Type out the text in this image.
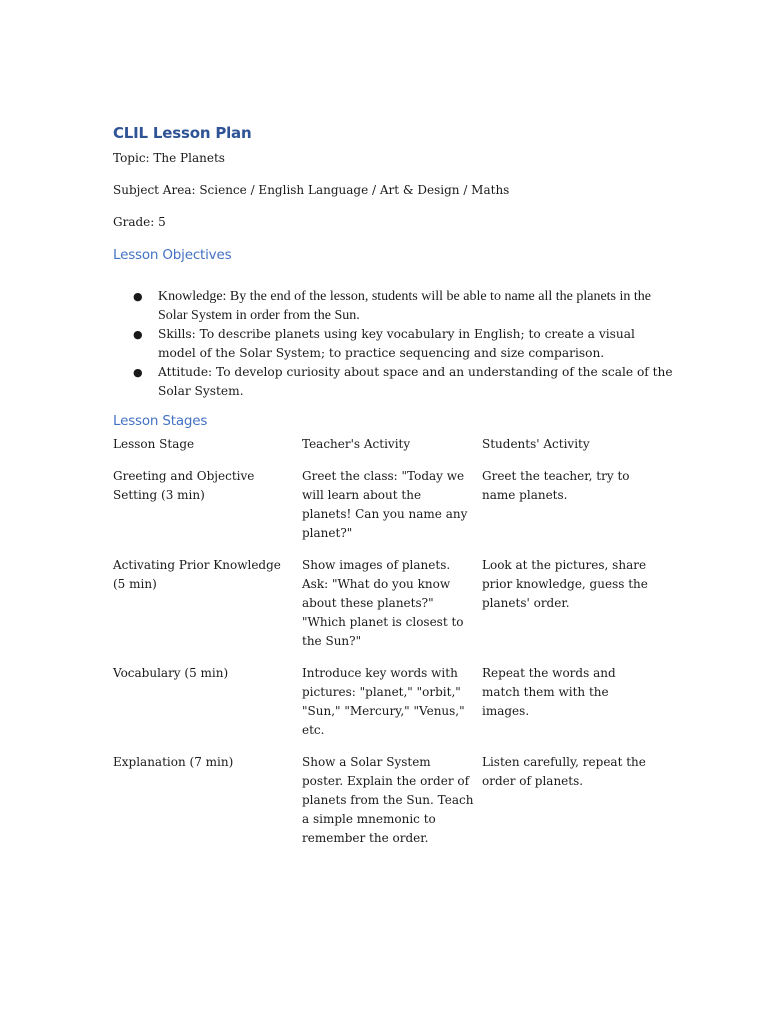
CLIL Lesson Plan

Topic: The Planets

Subject Area: Science / English Language / Art & Design / Maths

Grade: 5

Lesson Objectives
● Knowledge: By the end of the lesson, students will be able to name all the planets in the Solar System in order from the Sun.
● Skills: To describe planets using key vocabulary in English; to create a visual model of the Solar System; to practice sequencing and size comparison.
● Attitude: To develop curiosity about space and an understanding of the scale of the Solar System.
Lesson Stages
Lesson Stage	Teacher's Activity	Students' Activity
Greeting and Objective Setting (3 min)	Greet the class: "Today we will learn about the planets! Can you name any planet?"	Greet the teacher, try to name planets.
Activating Prior Knowledge (5 min)	Show images of planets. Ask: "What do you know about these planets?" "Which planet is closest to the Sun?"	Look at the pictures, share prior knowledge, guess the planets' order.
Vocabulary (5 min)	Introduce key words with pictures: "planet," "orbit," "Sun," "Mercury," "Venus," etc.	Repeat the words and match them with the images.
Explanation (7 min)	Show a Solar System poster. Explain the order of planets from the Sun. Teach a simple mnemonic to remember the order.	Listen carefully, repeat the order of planets.
